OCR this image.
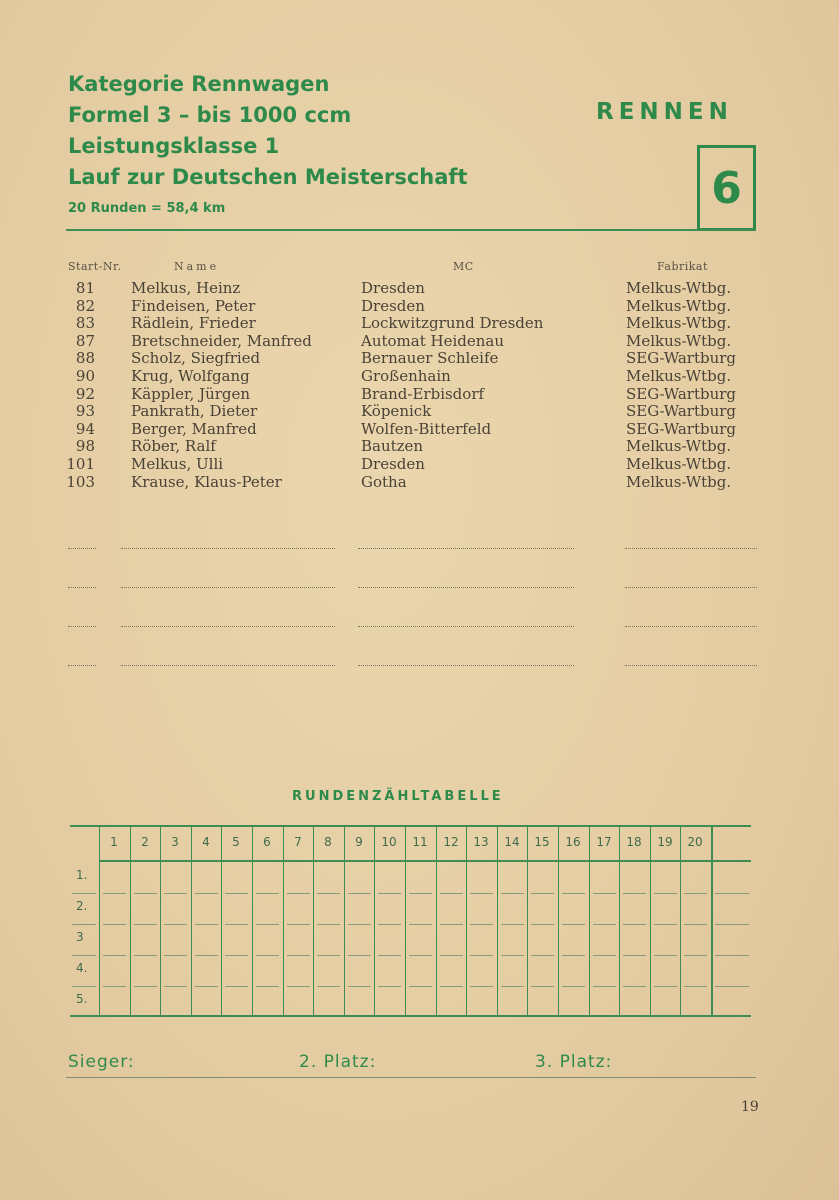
Kategorie Rennwagen
Formel 3 – bis 1000 ccm
Leistungsklasse 1
Lauf zur Deutschen Meisterschaft
20 Runden = 58,4 km
RENNEN
6
Start-Nr.	Name	MC	Fabrikat
81 Melkus, Heinz	Dresden	Melkus-Wtbg.
82 Findeisen, Peter	Dresden	Melkus-Wtbg.
83 Rädlein, Frieder	Lockwitzgrund Dresden	Melkus-Wtbg.
87 Bretschneider, Manfred	Automat Heidenau	Melkus-Wtbg.
88 Scholz, Siegfried	Bernauer Schleife	SEG-Wartburg
90 Krug, Wolfgang	Großenhain	Melkus-Wtbg.
92 Käppler, Jürgen	Brand-Erbisdorf	SEG-Wartburg
93 Pankrath, Dieter	Köpenick	SEG-Wartburg
94 Berger, Manfred	Wolfen-Bitterfeld	SEG-Wartburg
98 Röber, Ralf	Bautzen	Melkus-Wtbg.
101 Melkus, Ulli	Dresden	Melkus-Wtbg.
103 Krause, Klaus-Peter	Gotha	Melkus-Wtbg.
RUNDENZÄHLTABELLE
1	2	3	4	5	6	7	8	9	10	11	12	13	14	15	16	17	18	19	20
1.
2.
3
4.
5.
Sieger:	2. Platz:	3. Platz:
19
